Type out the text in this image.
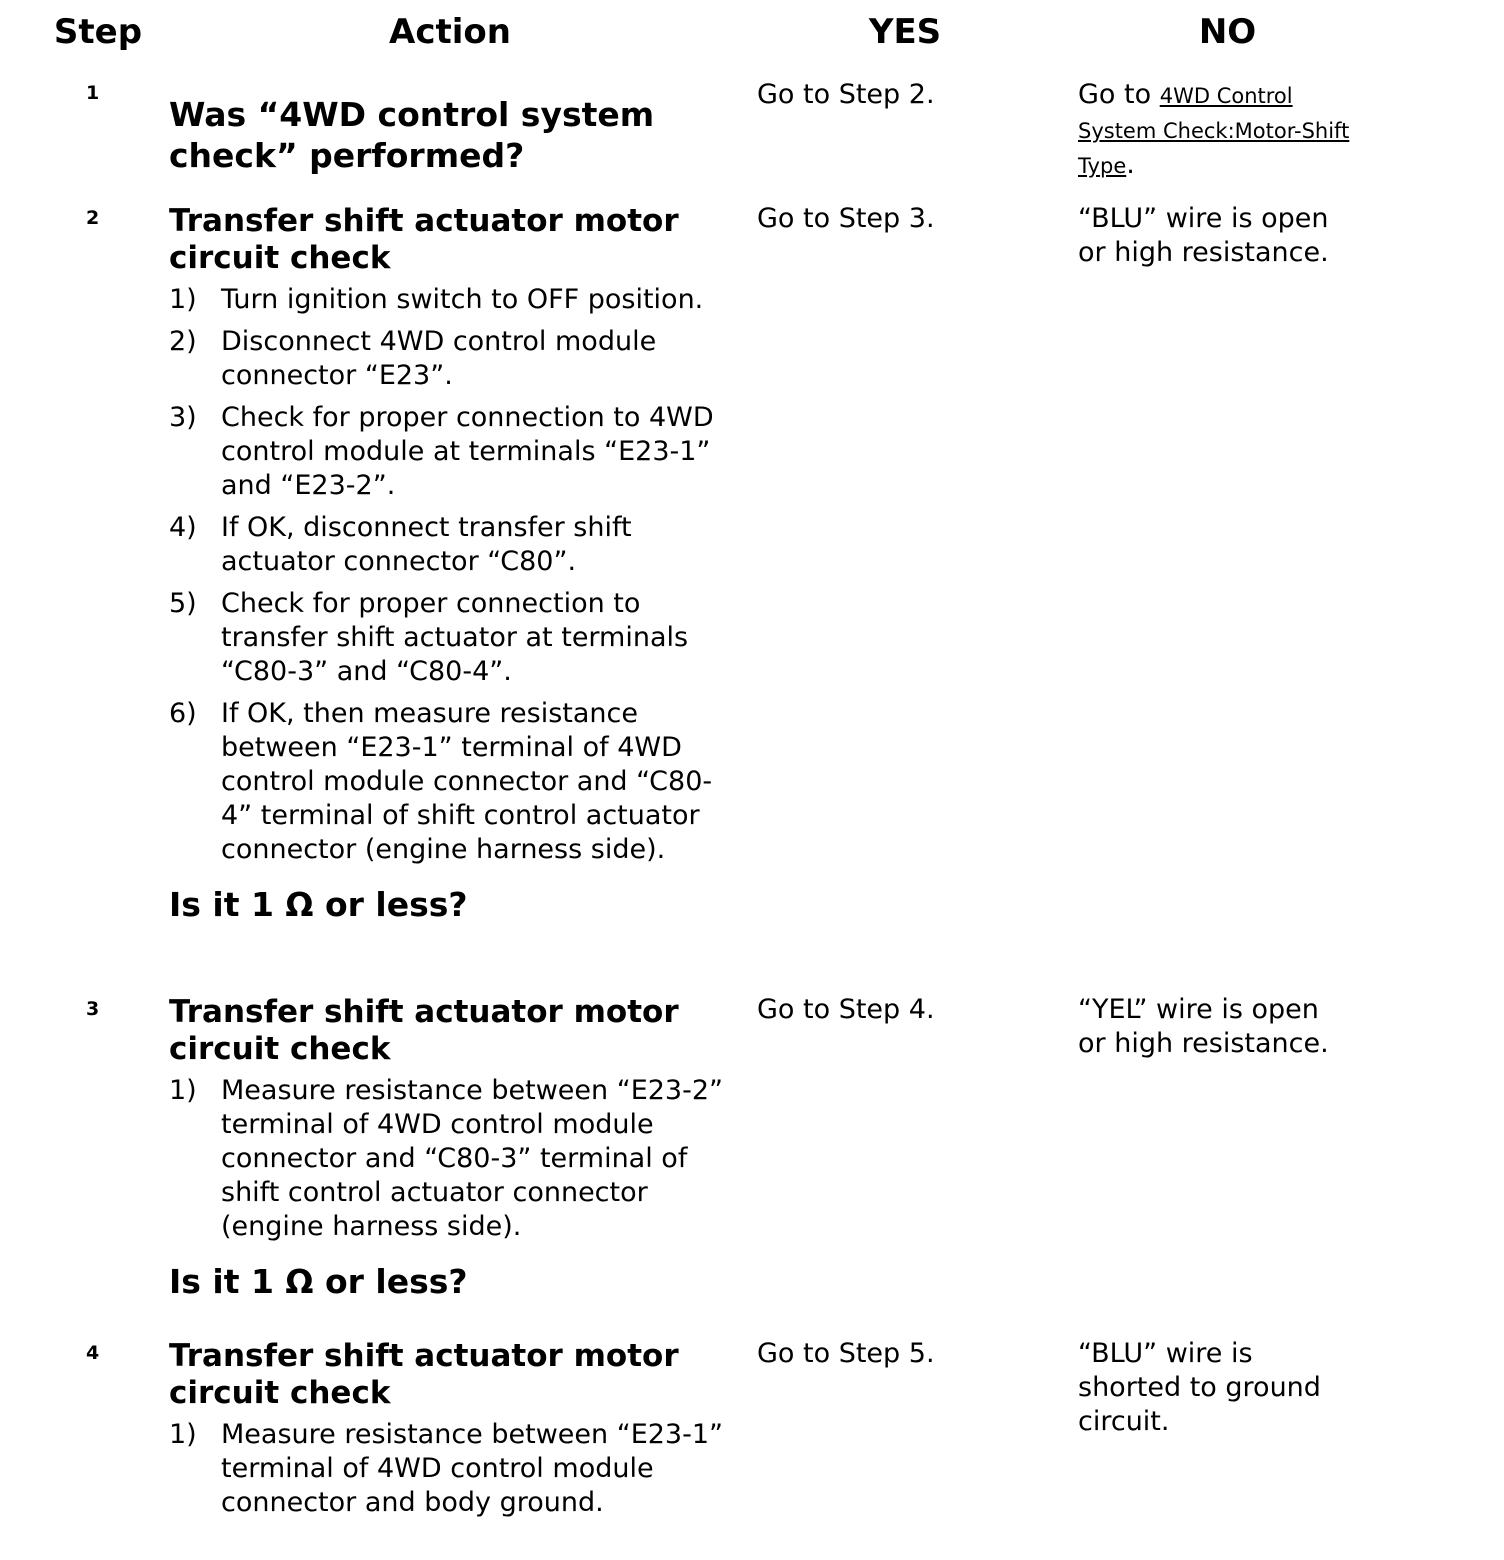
Step	Action	YES	NO
1
Was “4WD control system
check” performed?
Go to Step 2.	Go to 4WD Control
System Check:Motor-Shift
Type.
2	Transfer shift actuator motor
circuit check
1) Turn ignition switch to OFF position.
2) Disconnect 4WD control module connector “E23”.
3) Check for proper connection to 4WD control module at terminals “E23-1” and “E23-2”.
4) If OK, disconnect transfer shift actuator connector “C80”.
5) Check for proper connection to transfer shift actuator at terminals “C80-3” and “C80-4”.
6) If OK, then measure resistance between “E23-1” terminal of 4WD control module connector and “C80-4” terminal of shift control actuator connector (engine harness side).
Is it 1 Ω or less?
Go to Step 3.	“BLU” wire is open
or high resistance.
3	Transfer shift actuator motor
circuit check
1) Measure resistance between “E23-2” terminal of 4WD control module connector and “C80-3” terminal of shift control actuator connector (engine harness side).
Is it 1 Ω or less?
Go to Step 4.	“YEL” wire is open
or high resistance.
4	Transfer shift actuator motor
circuit check
1) Measure resistance between “E23-1” terminal of 4WD control module connector and body ground.
Go to Step 5.	“BLU” wire is
shorted to ground
circuit.
